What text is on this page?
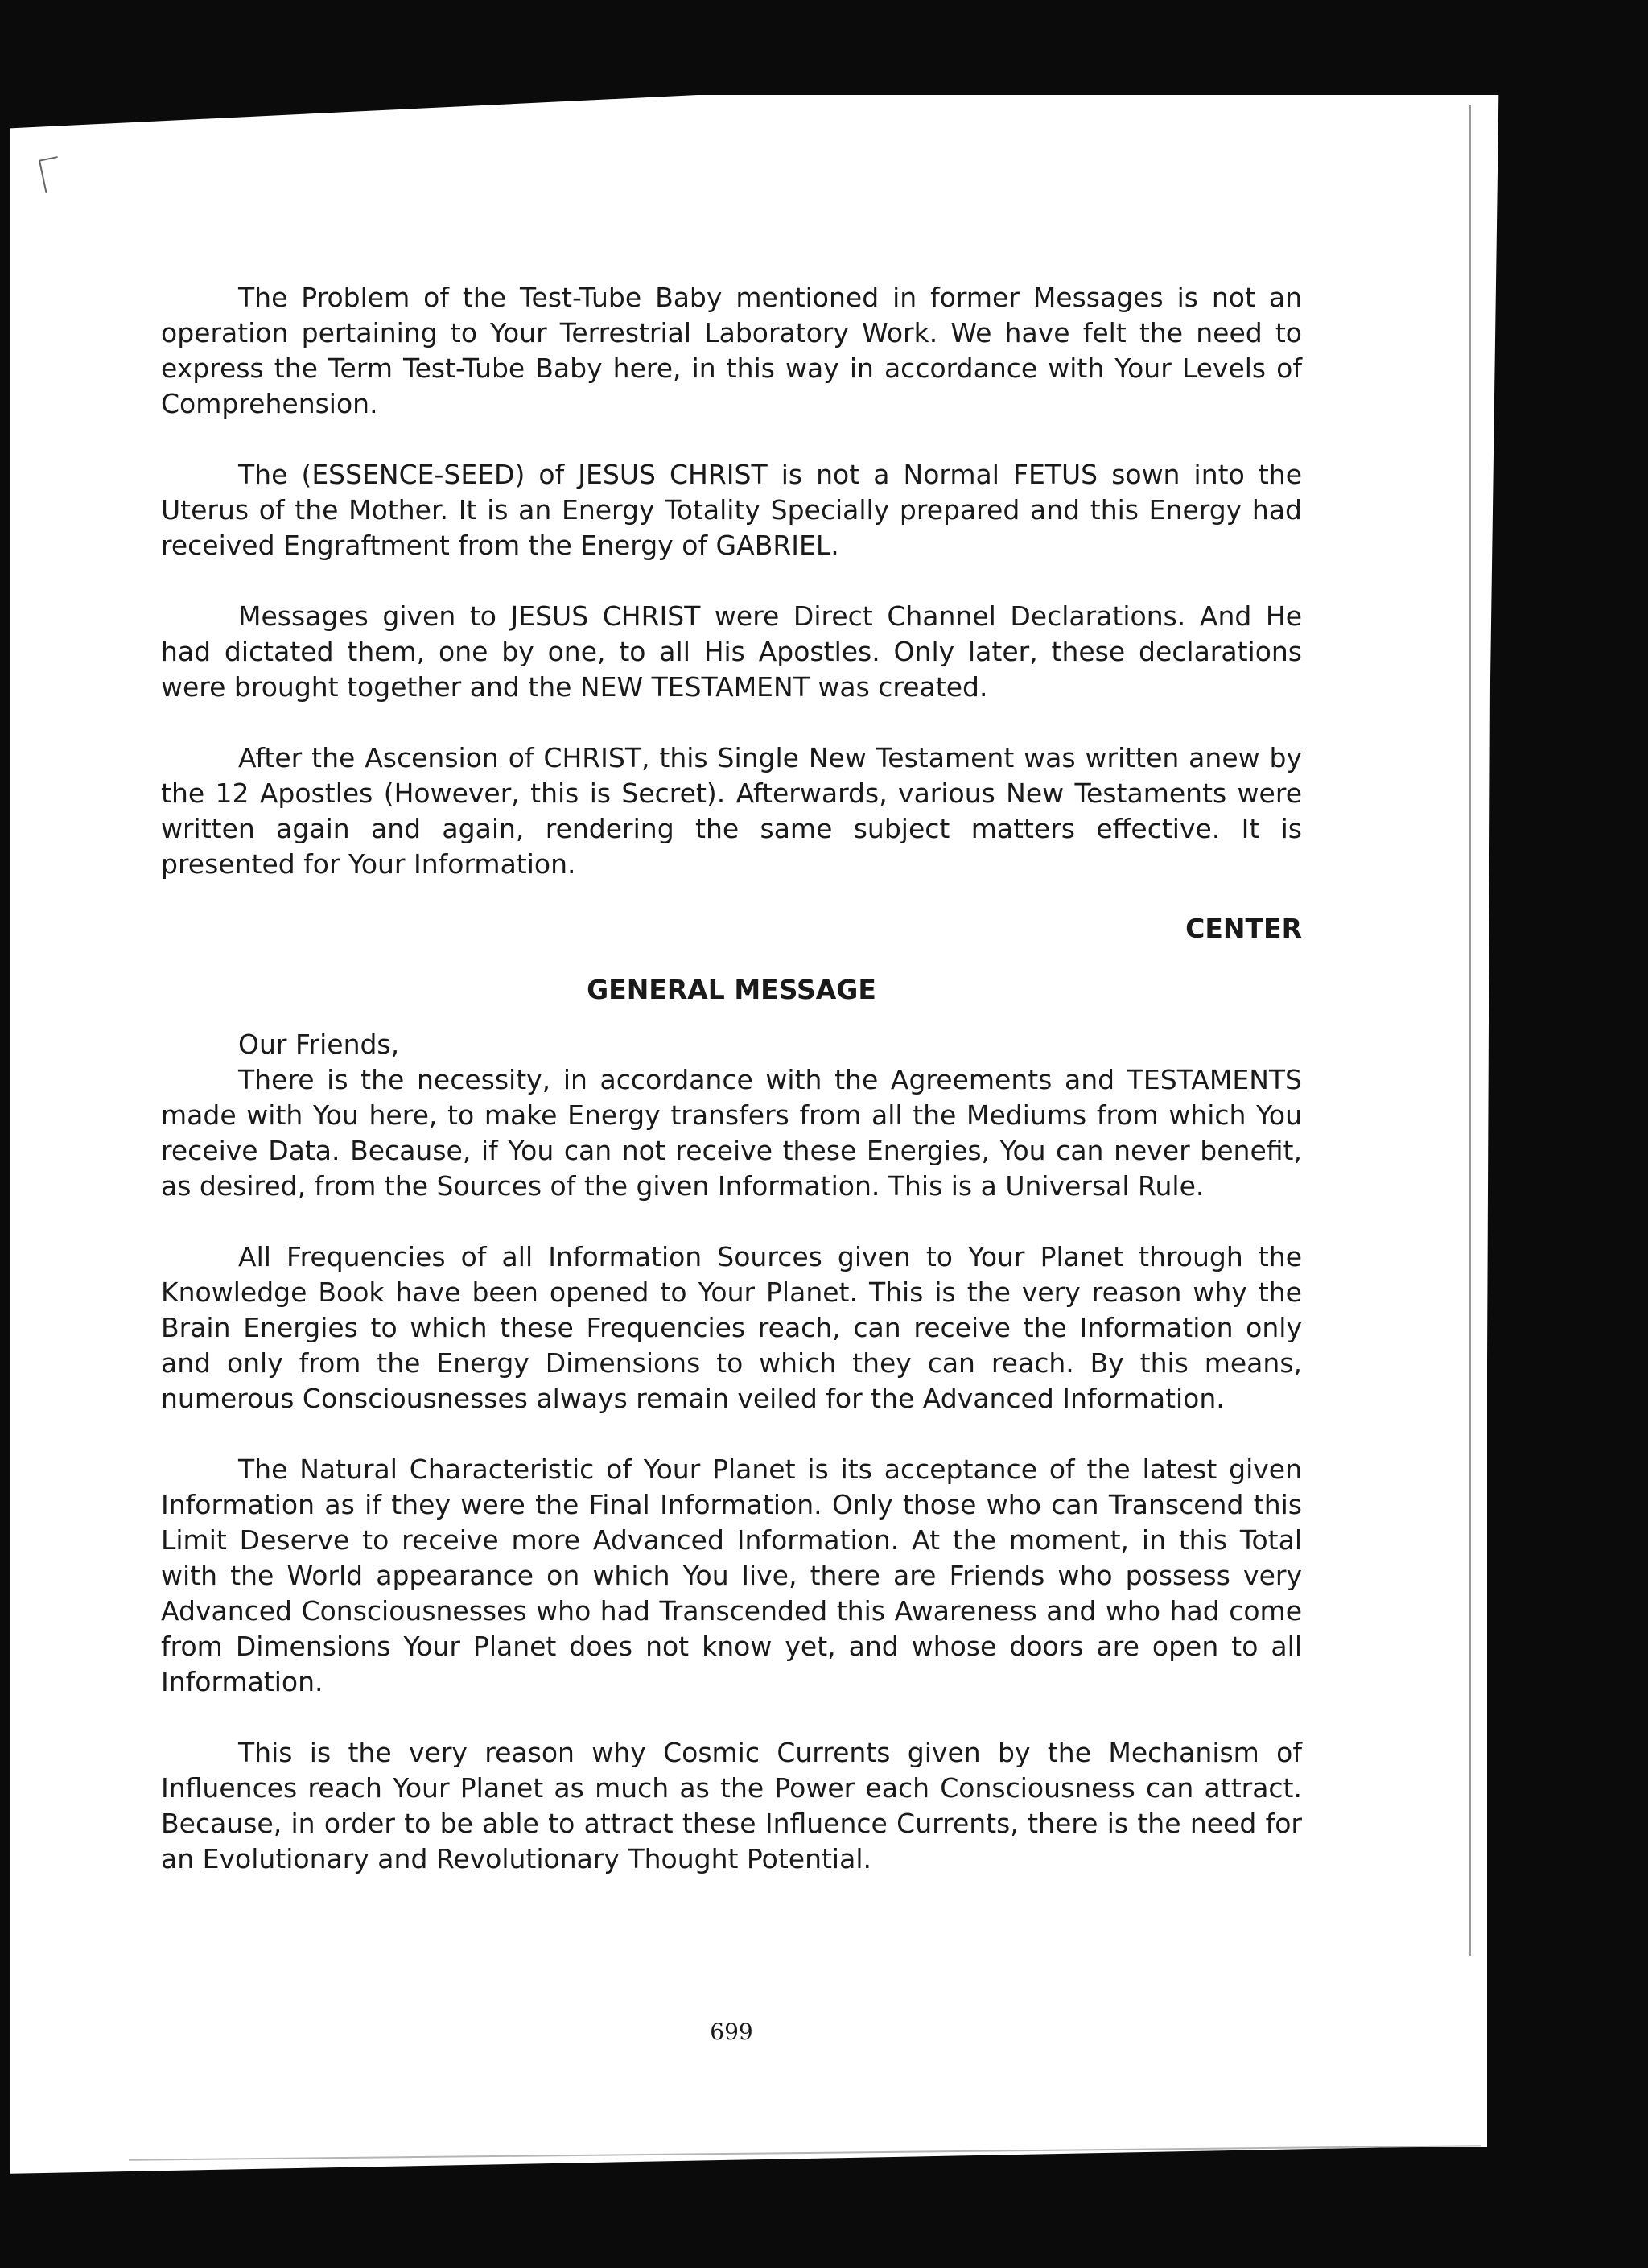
The Problem of the Test-Tube Baby mentioned in former Messages is not an operation pertaining to Your Terrestrial Laboratory Work. We have felt the need to express the Term Test-Tube Baby here, in this way in accordance with Your Levels of Comprehension.

The (ESSENCE-SEED) of JESUS CHRIST is not a Normal FETUS sown into the Uterus of the Mother. It is an Energy Totality Specially prepared and this Energy had received Engraftment from the Energy of GABRIEL.

Messages given to JESUS CHRIST were Direct Channel Declarations. And He had dictated them, one by one, to all His Apostles. Only later, these declarations were brought together and the NEW TESTAMENT was created.

After the Ascension of CHRIST, this Single New Testament was written anew by the 12 Apostles (However, this is Secret). Afterwards, various New Testaments were written again and again, rendering the same subject matters effective. It is presented for Your Information.

CENTER
GENERAL MESSAGE

Our Friends,

There is the necessity, in accordance with the Agreements and TESTAMENTS made with You here, to make Energy transfers from all the Mediums from which You receive Data. Because, if You can not receive these Energies, You can never benefit, as desired, from the Sources of the given Information. This is a Universal Rule.

All Frequencies of all Information Sources given to Your Planet through the Knowledge Book have been opened to Your Planet. This is the very reason why the Brain Energies to which these Frequencies reach, can receive the Information only and only from the Energy Dimensions to which they can reach. By this means, numerous Consciousnesses always remain veiled for the Advanced Information.

The Natural Characteristic of Your Planet is its acceptance of the latest given Information as if they were the Final Information. Only those who can Transcend this Limit Deserve to receive more Advanced Information. At the moment, in this Total with the World appearance on which You live, there are Friends who possess very Advanced Consciousnesses who had Transcended this Awareness and who had come from Dimensions Your Planet does not know yet, and whose doors are open to all Information.

This is the very reason why Cosmic Currents given by the Mechanism of Influences reach Your Planet as much as the Power each Consciousness can attract. Because, in order to be able to attract these Influence Currents, there is the need for an Evolutionary and Revolutionary Thought Potential.

699
